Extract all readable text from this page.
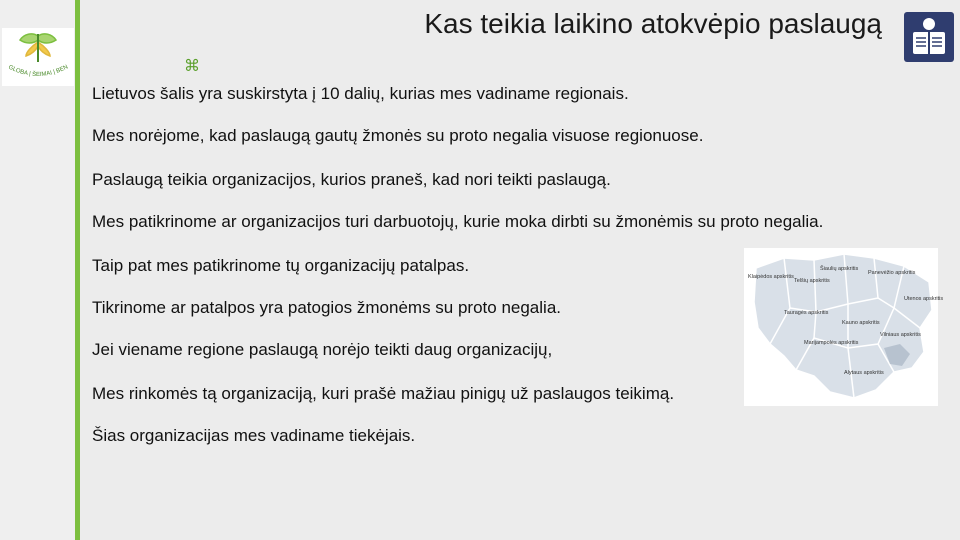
GLOBA | ŠEIMAI | BEN
Kas teikia laikino atokvėpio paslaugą
⌘

Lietuvos šalis yra suskirstyta į 10 dalių, kurias mes vadiname regionais.

Mes norėjome, kad paslaugą gautų žmonės su proto negalia visuose regionuose.

Paslaugą teikia organizacijos, kurios praneš, kad nori teikti paslaugą.

Mes patikrinome ar organizacijos turi darbuotojų, kurie moka dirbti su žmonėmis su proto negalia.

Taip pat mes patikrinome tų organizacijų patalpas.

Tikrinome ar patalpos yra patogios žmonėms su proto negalia.

Jei viename regione paslaugą norėjo teikti daug organizacijų,

Mes rinkomės tą organizaciją, kuri prašė mažiau pinigų už paslaugos teikimą.

Šias organizacijas mes vadiname tiekėjais.

Šiaulių apskritis
Panevėžio apskritis
Klaipėdos apskritis
Telšių apskritis
Utenos apskritis
Tauragės apskritis
Kauno apskritis
Vilniaus apskritis
Marijampolės apskritis
Alytaus apskritis
